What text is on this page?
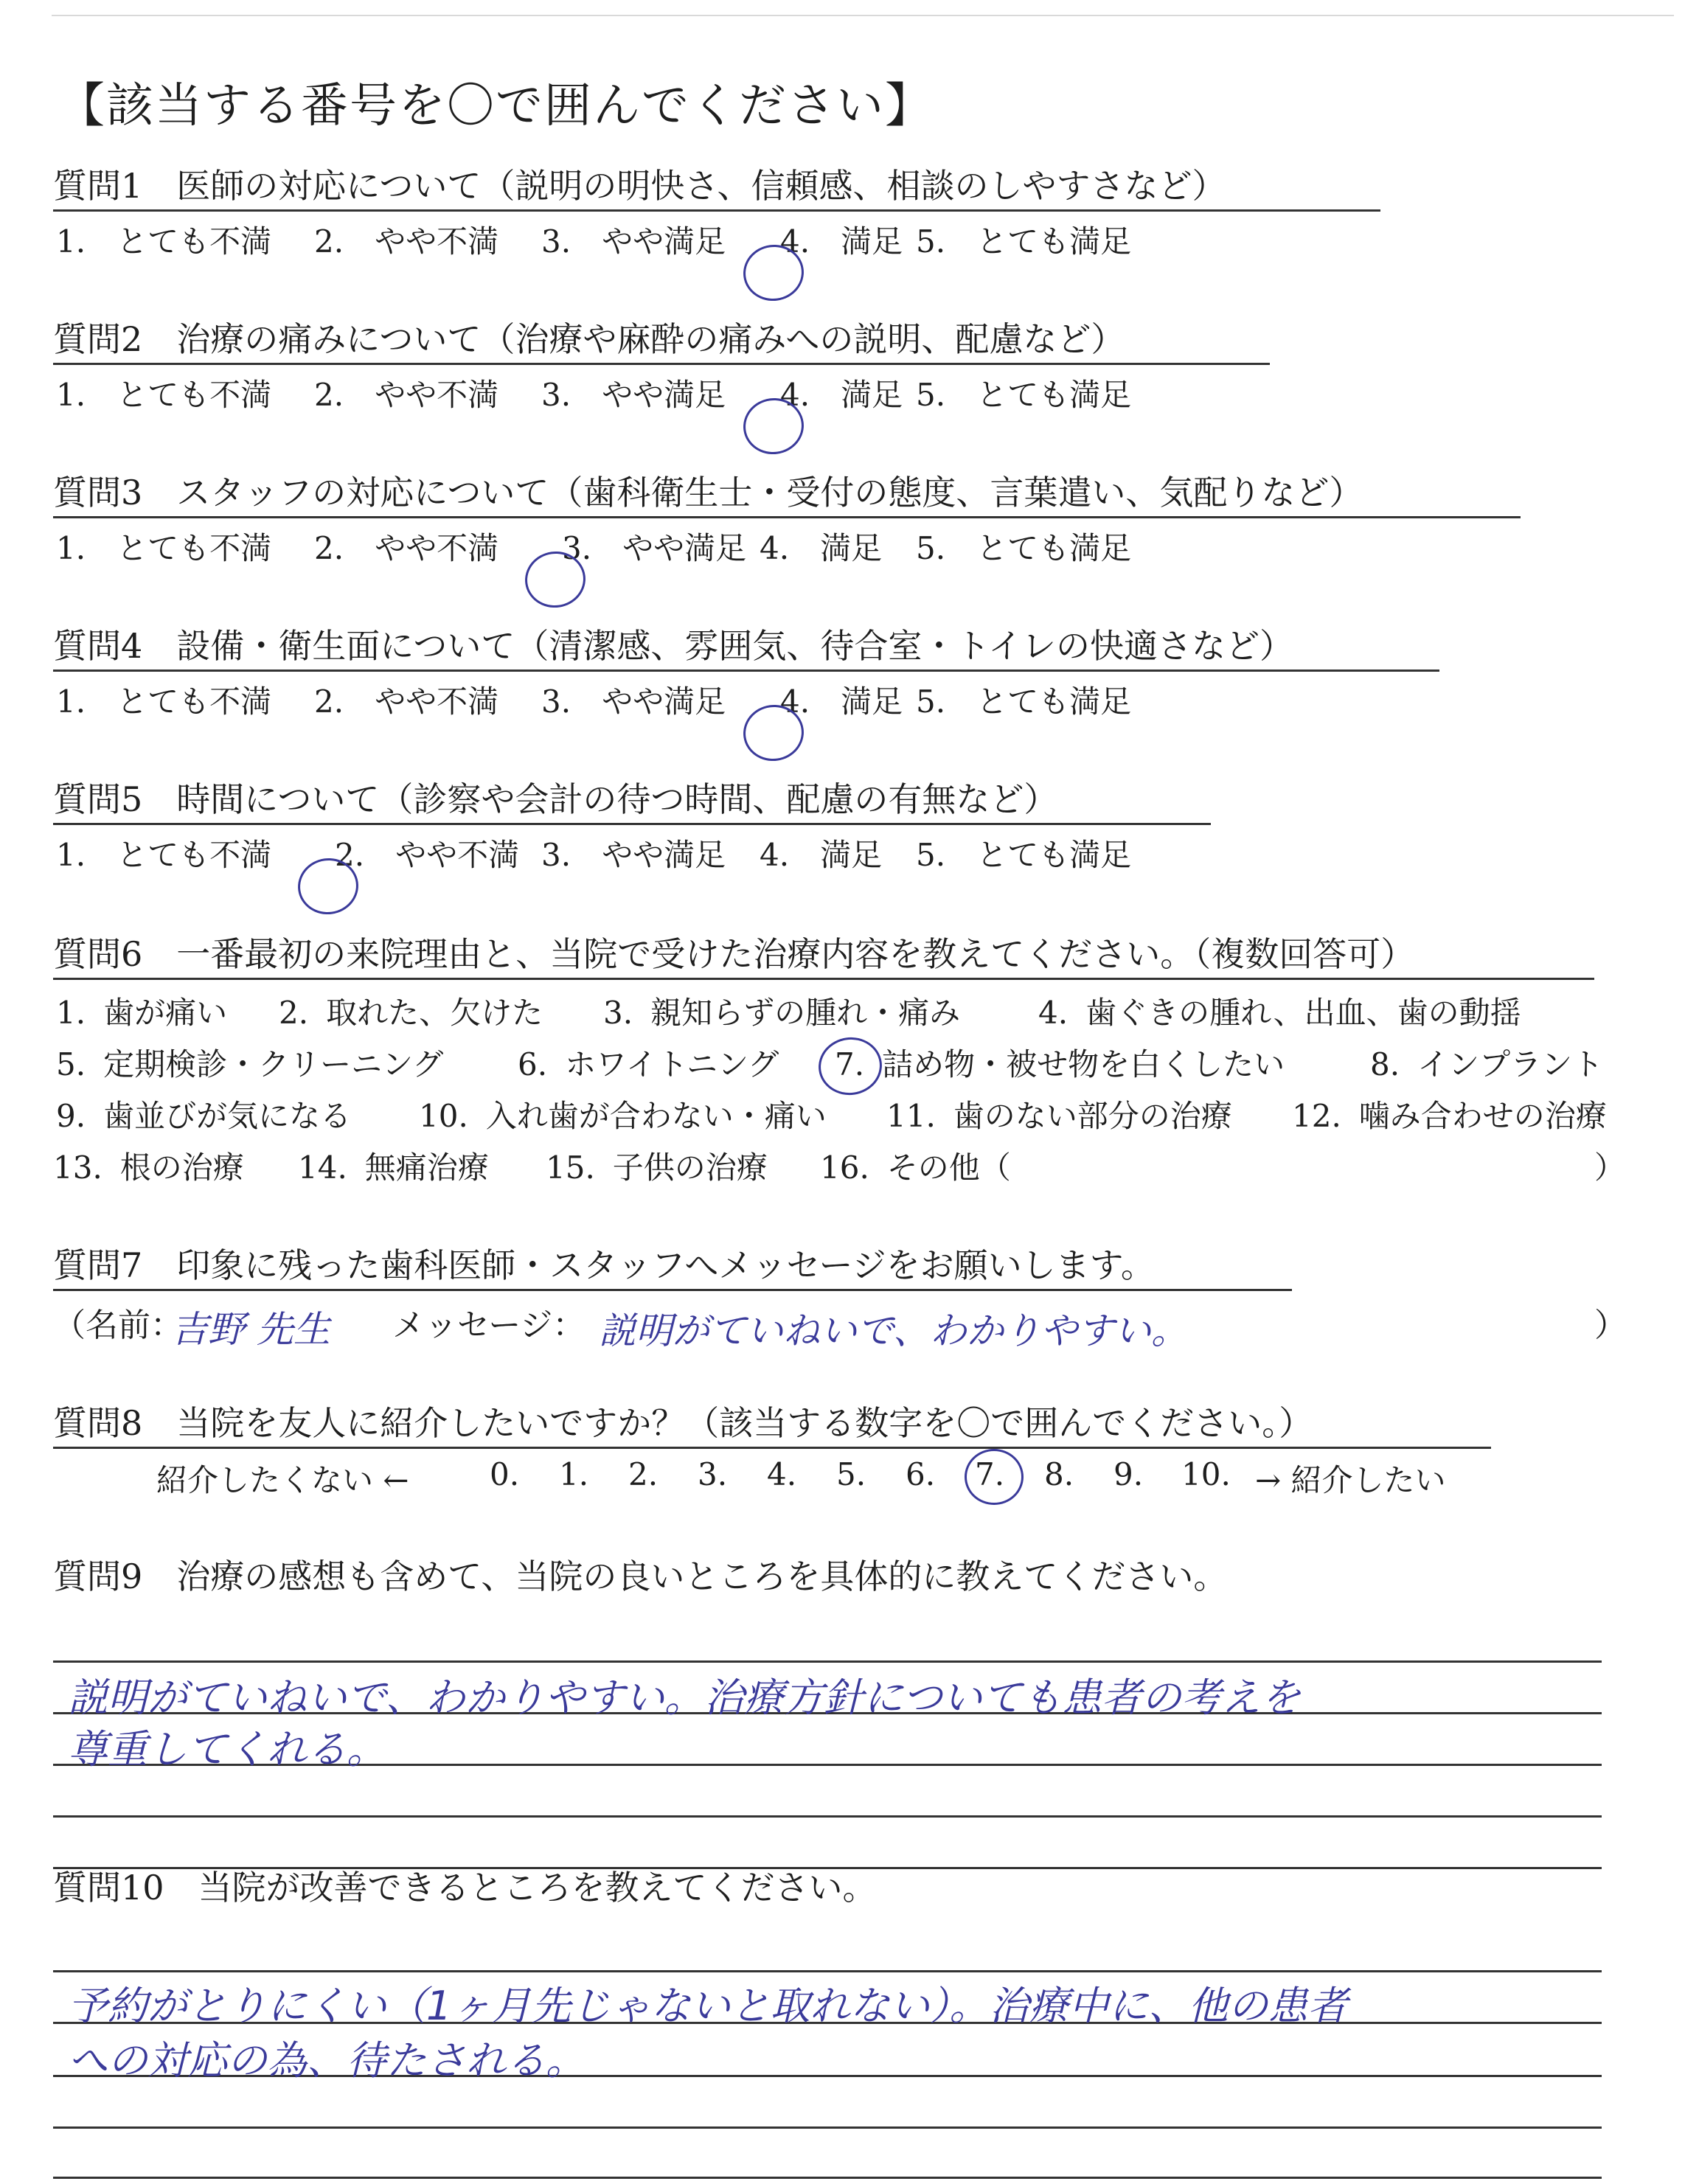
【該当する番号を〇で囲んでください】
質問1　医師の対応について（説明の明快さ、信頼感、相談のしやすさなど）
1.　とても不満 2.　やや不満 3.　やや満足	4.　満足 5.　とても満足
質問2　治療の痛みについて（治療や麻酔の痛みへの説明、配慮など）
1.　とても不満 2.　やや不満 3.　やや満足	4.　満足 5.　とても満足
質問3　スタッフの対応について（歯科衛生士・受付の態度、言葉遣い、気配りなど）
1.　とても不満 2.　やや不満	3.　やや満足 4.　満足 5.　とても満足
質問4　設備・衛生面について（清潔感、雰囲気、待合室・トイレの快適さなど）
1.　とても不満 2.　やや不満 3.　やや満足	4.　満足 5.　とても満足
質問5　時間について（診察や会計の待つ時間、配慮の有無など）
1.　とても不満	2.　やや不満 3.　やや満足 4.　満足 5.　とても満足
質問6　一番最初の来院理由と、当院で受けた治療内容を教えてください。（複数回答可）
1. 歯が痛い 2. 取れた、欠けた 3. 親知らずの腫れ・痛み	4. 歯ぐきの腫れ、出血、歯の動揺
5. 定期検診・クリーニング 6. ホワイトニング 7. 詰め物・被せ物を白くしたい	8. インプラント
9. 歯並びが気になる 10. 入れ歯が合わない・痛い 11. 歯のない部分の治療 12. 噛み合わせの治療
13. 根の治療 14. 無痛治療 15. 子供の治療 16. その他（	）
質問7　印象に残った歯科医師・スタッフへメッセージをお願いします。
（名前：
吉野 先生 メッセージ： 説明がていねいで、わかりやすい。	）
質問8　当院を友人に紹介したいですか？（該当する数字を〇で囲んでください。）
紹介したくない ←	0. 1. 2. 3. 4. 5. 6. 7. 8. 9. 10. → 紹介したい
質問9　治療の感想も含めて、当院の良いところを具体的に教えてください。
説明がていねいで、わかりやすい。治療方針についても患者の考えを
尊重してくれる。
質問10　当院が改善できるところを教えてください。
予約がとりにくい（1ヶ月先じゃないと取れない）。治療中に、他の患者
への対応の為、待たされる。
